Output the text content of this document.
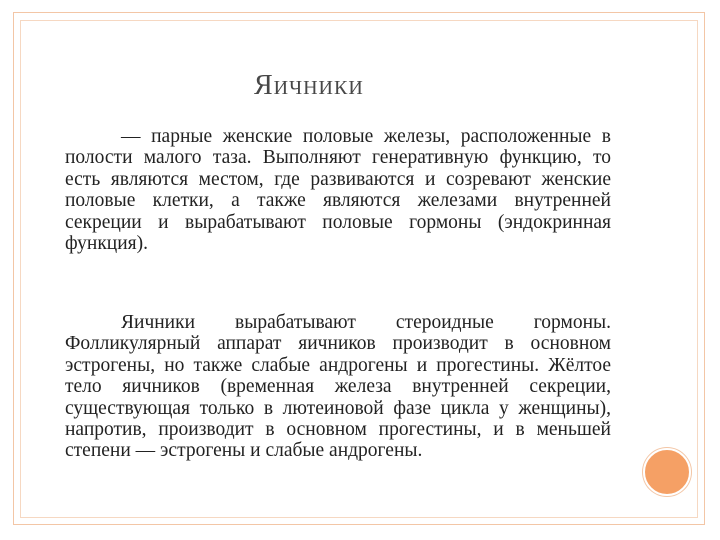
Яичники
— парные женские половые железы, расположенные в полости малого таза. Выполняют генеративную функцию, то есть являются местом, где развиваются и созревают женские половые клетки, а также являются железами внутренней секреции и вырабатывают половые гормоны (эндокринная функция).
Яичники вырабатывают стероидные гормоны. Фолликулярный аппарат яичников производит в основном эстрогены, но также слабые андрогены и прогестины. Жёлтое тело яичников (временная железа внутренней секреции, существующая только в лютеиновой фазе цикла у женщины), напротив, производит в основном прогестины, и в меньшей степени — эстрогены и слабые андрогены.
